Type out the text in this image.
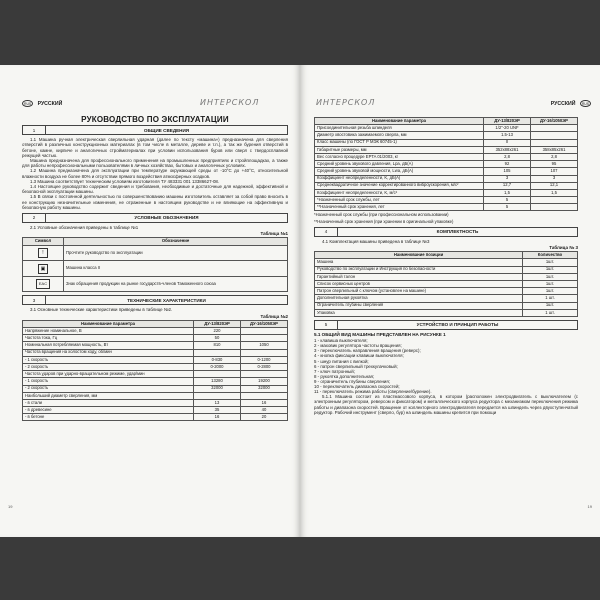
RUS РУССКИЙ	ИНТЕРСКОЛ
РУКОВОДСТВО ПО ЭКСПЛУАТАЦИИ
1	ОБЩИЕ СВЕДЕНИЯ

1.1 Машина ручная электрическая сверлильная ударная (далее по тексту «машина») предназначена для сверления отверстий в различных конструкционных материалах (в том числе в металле, дереве и т.п.), а так же бурения отверстий в бетоне, камне, кирпиче и аналогичных стройматериалах при условии использования буров или сверл с твердосплавной режущей частью.

Машина предназначена для профессионального применения на промышленных предприятиях и стройплощадках, а также для работы непрофессиональными пользователями в личных хозяйствах, бытовых и аналогичных условиях.

1.2 Машина предназначена для эксплуатации при температуре окружающей среды от -10°С до +40°С, относительной влажности воздуха не более 80% и отсутствии прямого воздействия атмосферных осадков.

1.3 Машина соответствует техническим условиям изготовителя ТУ 483331 001 13386627-08.

1.4 Настоящее руководство содержит сведения и требования, необходимые и достаточные для надежной, эффективной и безопасной эксплуатации машины.

1.5 В связи с постоянной деятельностью по совершенствованию машины изготовитель оставляет за собой право вносить в ее конструкцию незначительные изменения, не отраженные в настоящем руководстве и не влияющие на эффективную и безопасную работу машины.

2	УСЛОВНЫЕ ОБОЗНАЧЕНИЯ

2.1 Условные обозначения приведены в таблице №1

Таблица №1
Символ	Обозначение
!	Прочтите руководство по эксплуатации
▣	Машина класса II
EAC	Знак обращения продукции на рынке государств-членов Таможенного союза
3	ТЕХНИЧЕСКИЕ ХАРАКТЕРИСТИКИ

3.1 Основные технические характеристики приведены в таблице №2.

Таблица №2
Наименование параметра	ДУ-13/820ЭР	ДУ-16/1050ЭР
Напряжение номинальное, В	220	
Частота тока, Гц	50	
Номинальная потребляемая мощность, Вт	810	1050
Частота вращения на холостом ходу, об/мин		
- 1 скорость	0-830	0-1200
- 2 скорость	0-2000	0-2800
Частота ударов при ударно-вращательном режиме, удар/мин		
- 1 скорость	13280	19200
- 2 скорость	32000	32000
Наибольший диаметр сверления, мм		
- в стали	13	16
- в древесине	35	40
- в бетоне	16	20
19
ИНТЕРСКОЛ	РУССКИЙ RUS
Наименование параметра	ДУ-13/820ЭР	ДУ-16/1050ЭР
Присоединительная резьба шпинделя	1/2"-20 UNF	
Диаметр хвостовика зажимаемого сверла, мм	1.5-13	
Класс машины (по ГОСТ Р МЭК 60745-1)	II	
Габаритные размеры, мм	352х88х261	358х85х261
Вес согласно процедуре EPTA 01/2003, кг	2,8	2,8
Средний уровень звукового давления, Lpa, дБ(А)	92	95
Средний уровень звуковой мощности, Lwa, дБ(А)	105	107
Коэффициент неопределенности, K, дБ(А)	3	3
Среднеквадратичное значение корректированного виброускорения, м/с²	12,7	12,1
Коэффициент неопределенности, K, м/с²	1,5	1,5
*Назначенный срок службы, лет	5	
**Назначенный срок хранения, лет	5	
*Назначенный срок службы (при профессиональном использовании)
**Назначенный срок хранения (при хранении в оригинальной упаковке)
4	КОМПЛЕКТНОСТЬ

4.1 Комплектация машины приведена в таблице №3

Таблица № 3
Наименование позиции	Количество
Машина	1шт.
Руководство по эксплуатации и Инструкция по безопасности	1шт.
Гарантийный талон	1шт.
Список сервисных центров	1шт.
Патрон сверлильный с ключом (установлен на машине)	1шт.
Дополнительная рукоятка	1 шт.
Ограничитель глубины сверления	1шт.
Упаковка	1 шт.
5	УСТРОЙСТВО И ПРИНЦИП РАБОТЫ
5.1 ОБЩИЙ ВИД МАШИНЫ ПРЕДСТАВЛЕН НА РИСУНКЕ 1
1 - клавиша выключателя;
2 - маховик регулятора частоты вращения;
3 - переключатель направления вращения (реверс);
4 - кнопка фиксации клавиши выключателя;
5 - шнур питания с вилкой;
6 - патрон сверлильный трехкулачковый;
7 - ключ патронный;
8 - рукоятка дополнительная;
9 - ограничитель глубины сверления;
10 - переключатель диапазона скоростей;
11 - переключатель режима работы (сверление/бурение).

5.1.1 Машина состоит из пластмассового корпуса, в котором (расположен электродвигатель с выключателем (с электронным регулятором, реверсом и фиксатором) и металлического корпуса редуктора с механизмом переключения режима работы и диапазона скоростей. Вращение от коллекторного электродвигателя передается на шпиндель через двухступенчатый редуктор. Рабочий инструмент (сверло, бур) на шпиндель машины крепится при помощи

19
